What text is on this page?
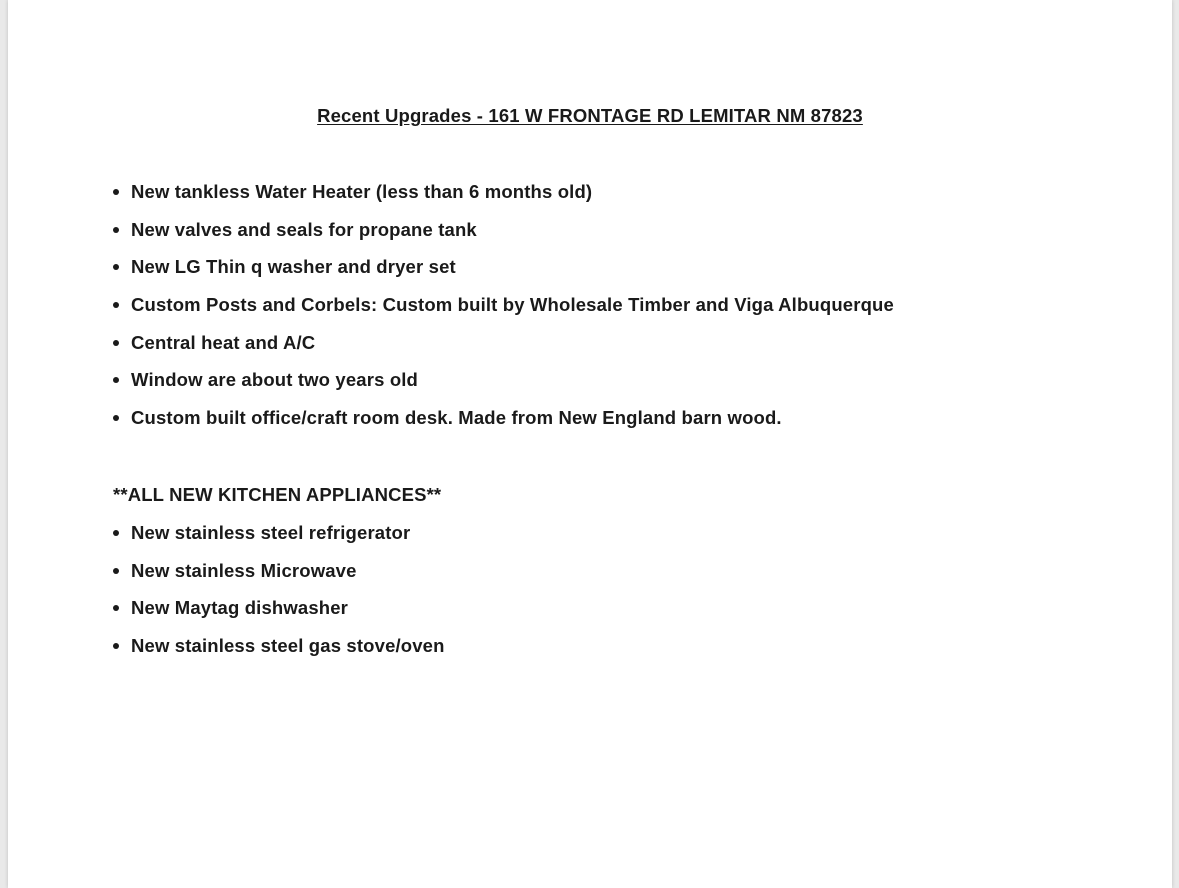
Recent Upgrades - 161 W FRONTAGE RD LEMITAR NM 87823
New tankless Water Heater (less than 6 months old)
New valves and seals for propane tank
New LG Thin q washer and dryer set
Custom Posts and Corbels: Custom built by Wholesale Timber and Viga Albuquerque
Central heat and A/C
Window are about two years old
Custom built office/craft room desk. Made from New England barn wood.
**ALL NEW KITCHEN APPLIANCES**
New stainless steel refrigerator
New stainless Microwave
New Maytag dishwasher
New stainless steel gas stove/oven
